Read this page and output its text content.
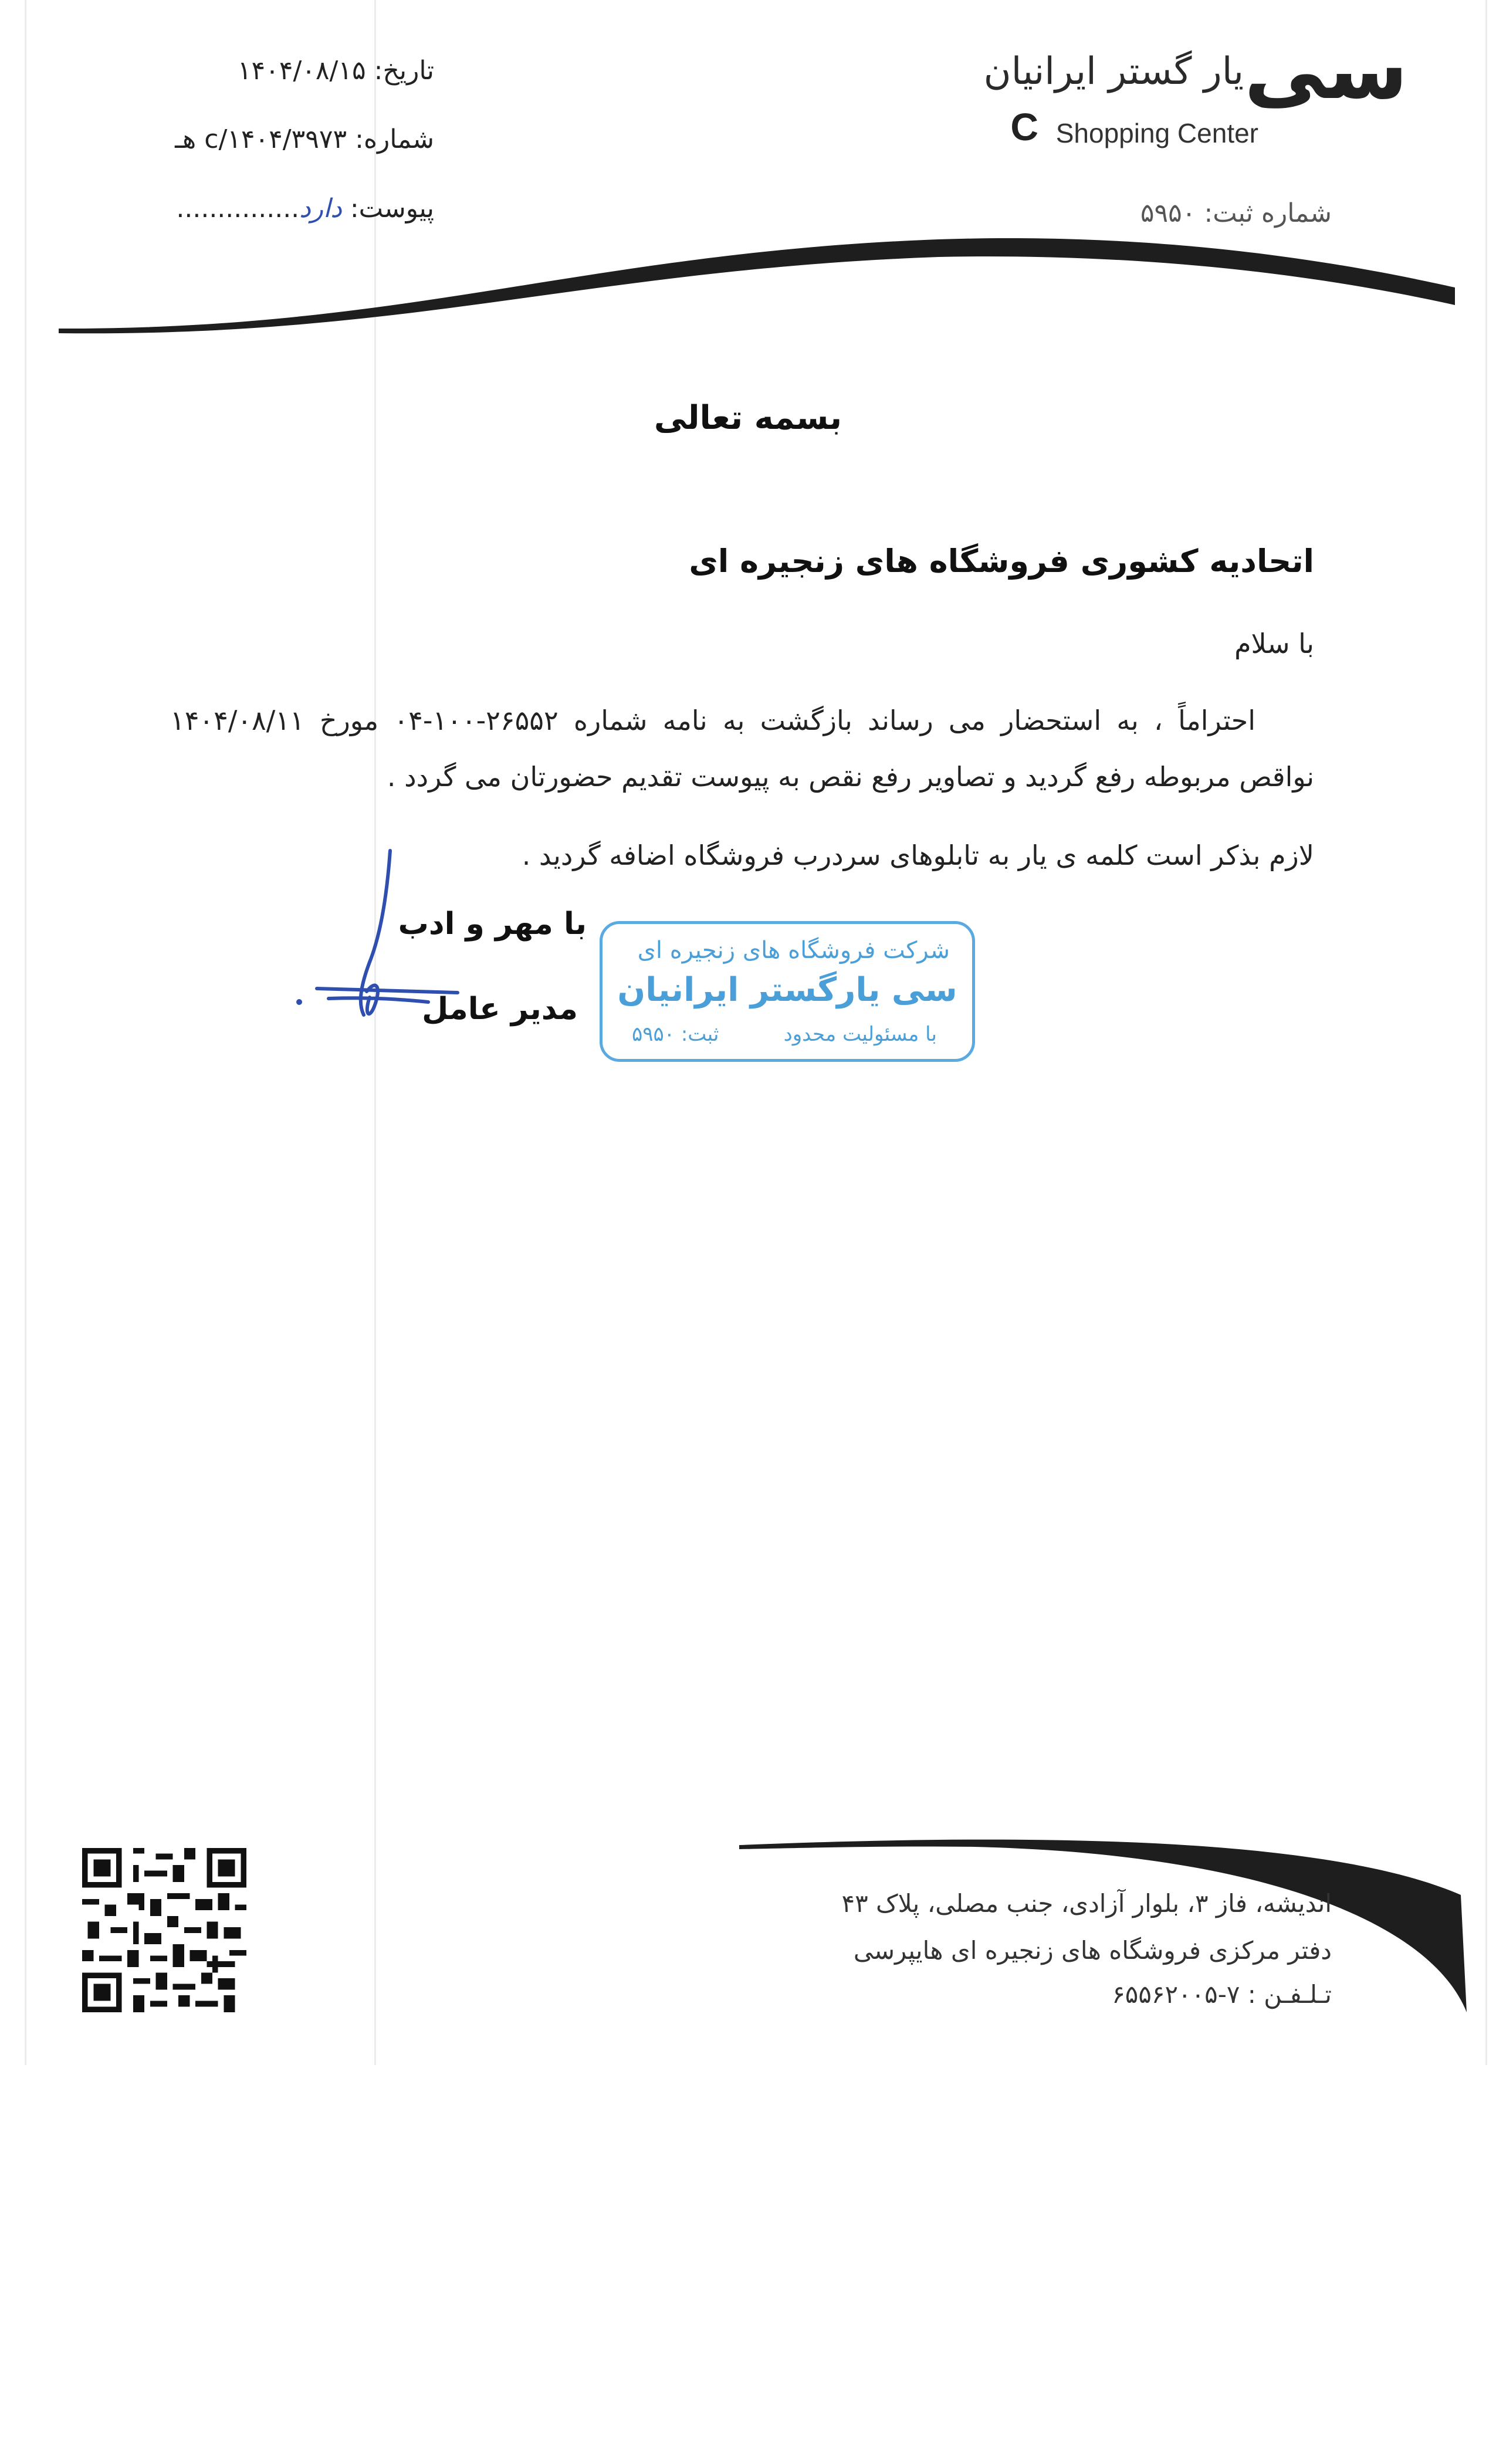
سی
یار گستر ایرانیان
C Shopping Center
شماره ثبت: ۵۹۵۰
تاریخ: ۱۴۰۴/۰۸/۱۵
شماره: ۳۹۷۳/c/۱۴۰۴ هـ
پیوست: دارد...............
بسمه تعالی
اتحادیه کشوری فروشگاه های زنجیره ای
با سلام
احتراماً ، به استحضار می رساند بازگشت به نامه شماره ۲۶۵۵۲-۱۰۰-۰۴ مورخ ۱۴۰۴/۰۸/۱۱ نواقص مربوطه رفع گردید و تصاویر رفع نقص به پیوست تقدیم حضورتان می گردد .
لازم بذکر است کلمه ی یار به تابلوهای سردرب فروشگاه اضافه گردید .
با مهر و ادب
مدیر عامل
شرکت فروشگاه های زنجیره ای
سی یارگستر ایرانیان
با مسئولیت محدود
ثبت: ۵۹۵۰
اندیشه، فاز ۳، بلوار آزادی، جنب مصلی، پلاک ۴۳
دفتر مرکزی فروشگاه های زنجیره ای هایپرسی
تـلـفـن : ۷-۶۵۵۶۲۰۰۵
